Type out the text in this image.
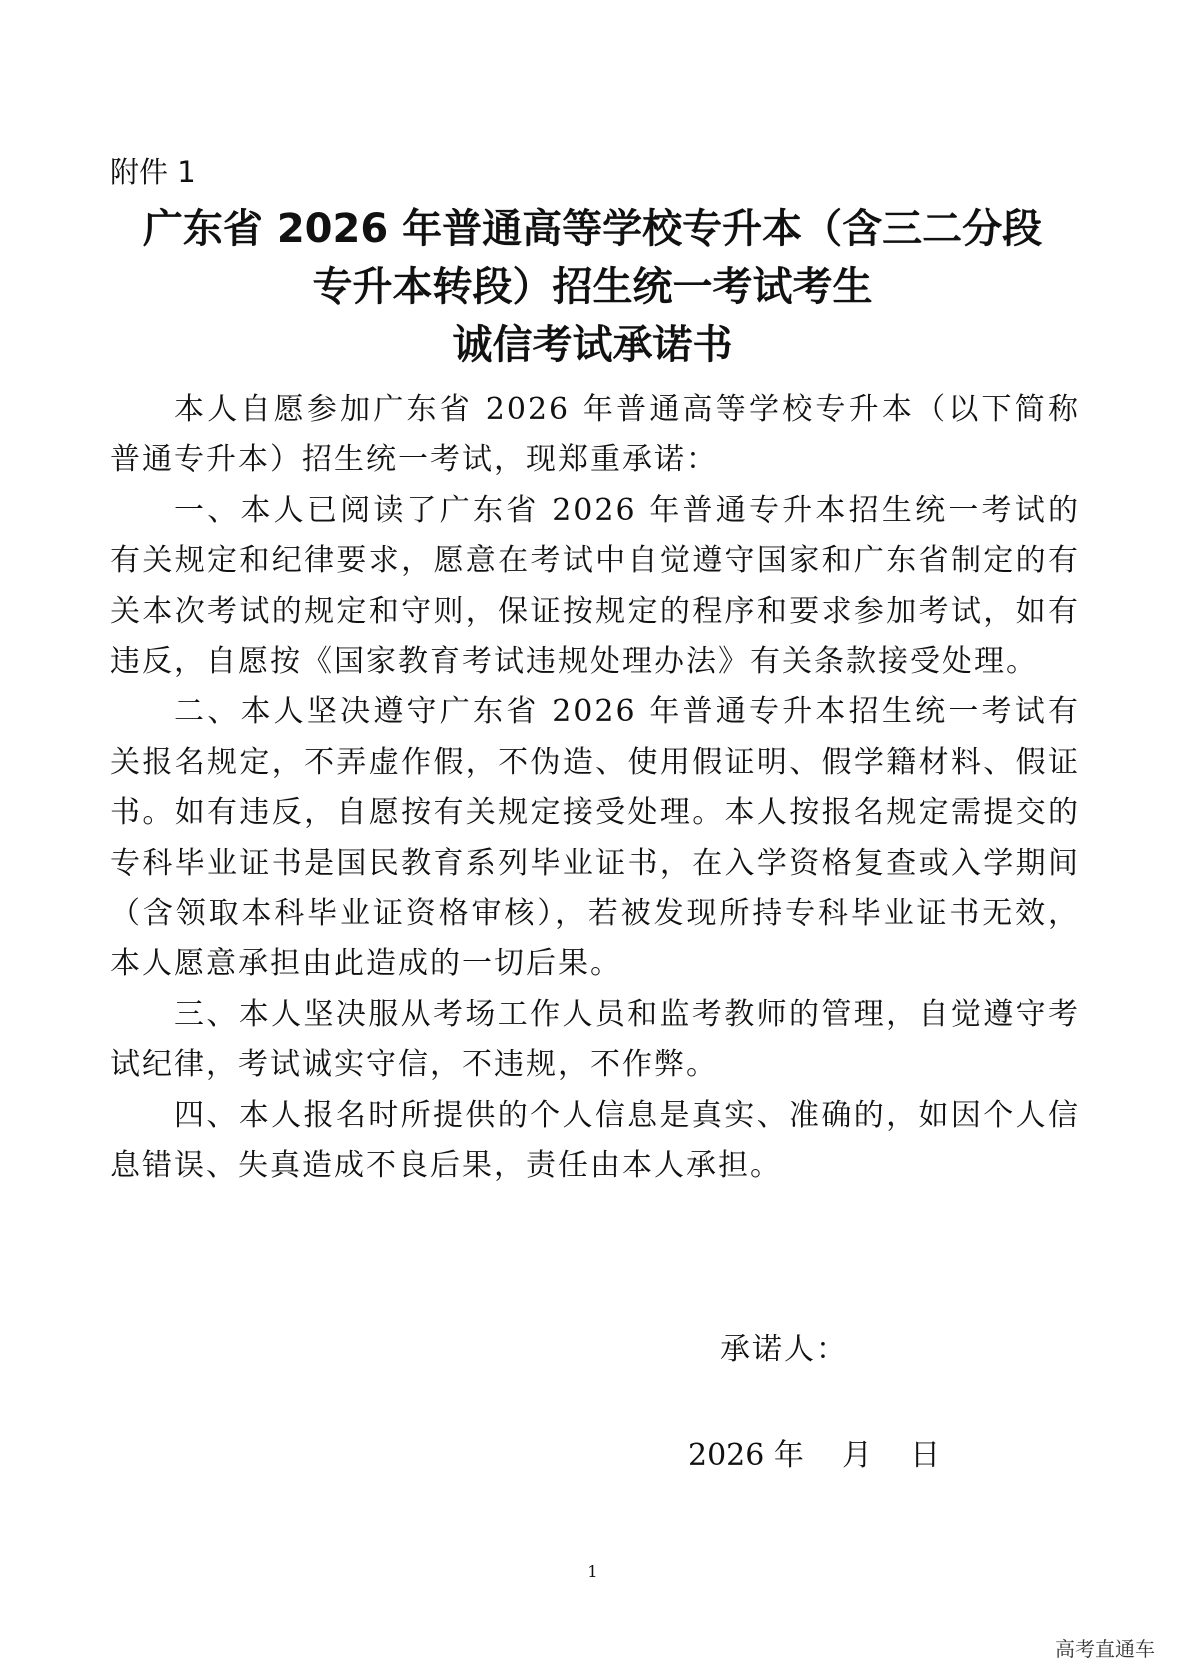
附件 1
广东省 2026 年普通高等学校专升本（含三二分段
专升本转段）招生统一考试考生
诚信考试承诺书

本人自愿参加广东省 2026 年普通高等学校专升本（以下简称普通专升本）招生统一考试，现郑重承诺：

一、本人已阅读了广东省 2026 年普通专升本招生统一考试的有关规定和纪律要求，愿意在考试中自觉遵守国家和广东省制定的有关本次考试的规定和守则，保证按规定的程序和要求参加考试，如有违反，自愿按《国家教育考试违规处理办法》有关条款接受处理。

二、本人坚决遵守广东省 2026 年普通专升本招生统一考试有关报名规定，不弄虚作假，不伪造、使用假证明、假学籍材料、假证书。如有违反，自愿按有关规定接受处理。本人按报名规定需提交的专科毕业证书是国民教育系列毕业证书，在入学资格复查或入学期间（含领取本科毕业证资格审核），若被发现所持专科毕业证书无效，本人愿意承担由此造成的一切后果。

三、本人坚决服从考场工作人员和监考教师的管理，自觉遵守考试纪律，考试诚实守信，不违规，不作弊。

四、本人报名时所提供的个人信息是真实、准确的，如因个人信息错误、失真造成不良后果，责任由本人承担。

承诺人：
2026 年    月    日
1
高考直通车
